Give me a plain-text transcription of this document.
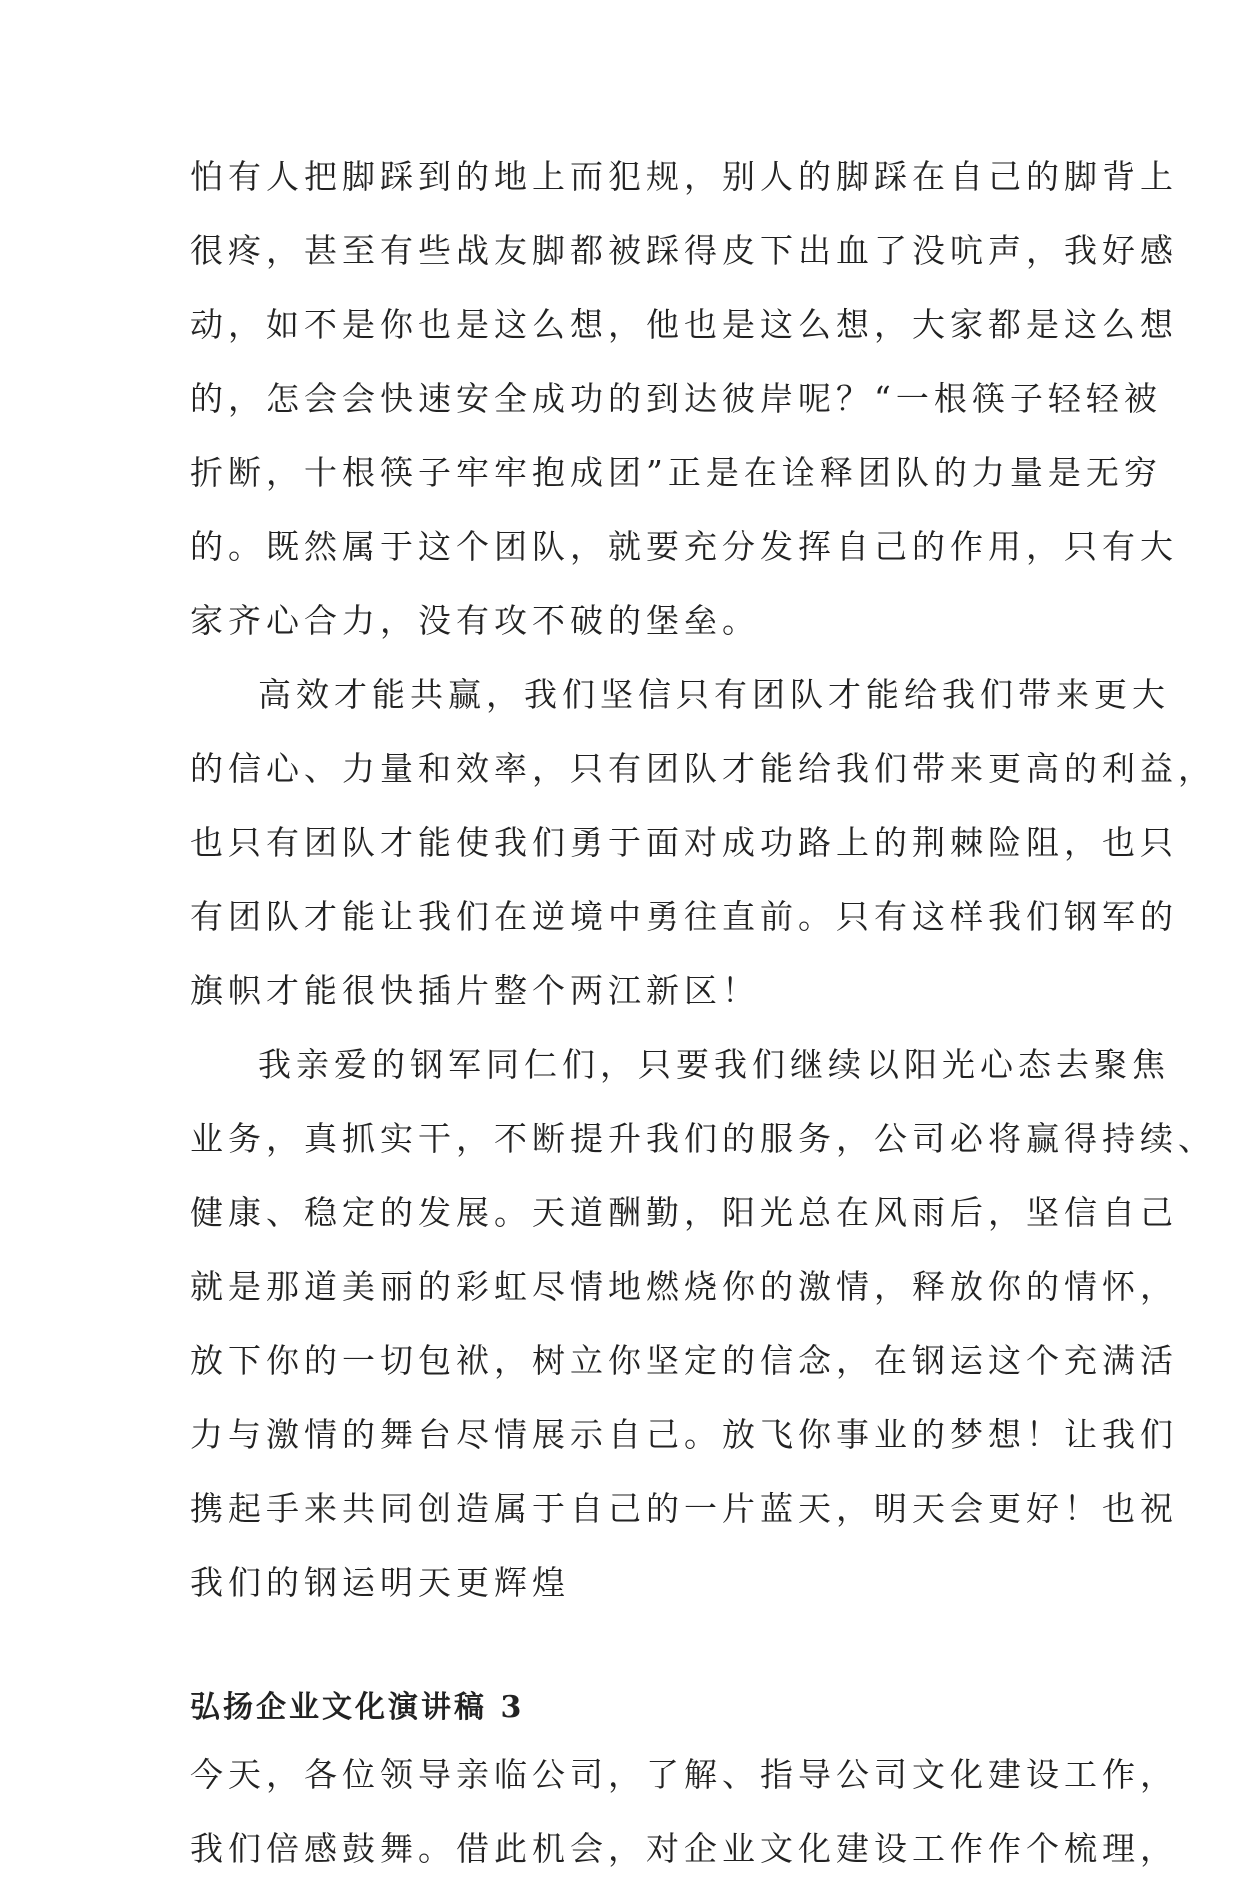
怕有人把脚踩到的地上而犯规，别人的脚踩在自己的脚背上
很疼，甚至有些战友脚都被踩得皮下出血了没吭声，我好感
动，如不是你也是这么想，他也是这么想，大家都是这么想
的，怎会会快速安全成功的到达彼岸呢？“一根筷子轻轻被
折断，十根筷子牢牢抱成团”正是在诠释团队的力量是无穷
的。既然属于这个团队，就要充分发挥自己的作用，只有大
家齐心合力，没有攻不破的堡垒。

高效才能共赢，我们坚信只有团队才能给我们带来更大
的信心、力量和效率，只有团队才能给我们带来更高的利益，
也只有团队才能使我们勇于面对成功路上的荆棘险阻，也只
有团队才能让我们在逆境中勇往直前。只有这样我们钢军的
旗帜才能很快插片整个两江新区！

我亲爱的钢军同仁们，只要我们继续以阳光心态去聚焦
业务，真抓实干，不断提升我们的服务，公司必将赢得持续、
健康、稳定的发展。天道酬勤，阳光总在风雨后，坚信自己
就是那道美丽的彩虹尽情地燃烧你的激情，释放你的情怀，
放下你的一切包袱，树立你坚定的信念，在钢运这个充满活
力与激情的舞台尽情展示自己。放飞你事业的梦想！让我们
携起手来共同创造属于自己的一片蓝天，明天会更好！也祝
我们的钢运明天更辉煌

弘扬企业文化演讲稿 3

今天，各位领导亲临公司，了解、指导公司文化建设工作，
我们倍感鼓舞。借此机会，对企业文化建设工作作个梳理，
